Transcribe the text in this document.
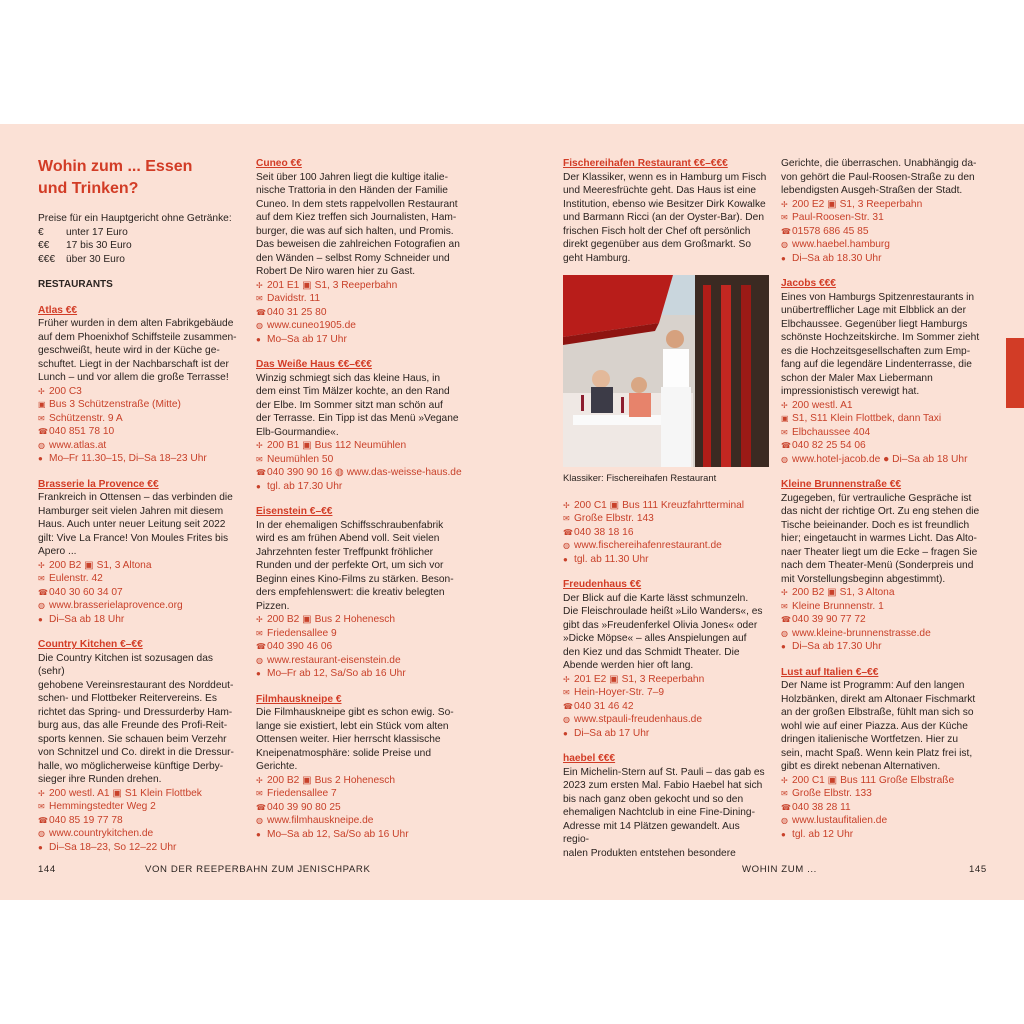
Wohin zum ... Essen und Trinken?

Preise für ein Hauptgericht ohne Getränke:

€	unter 17 Euro
€€	17 bis 30 Euro
€€€	über 30 Euro
RESTAURANTS

Atlas €€

Früher wurden in dem alten Fabrikgebäude
auf dem Phoenixhof Schiffsteile zusammen-
geschweißt, heute wird in der Küche ge-
schuftet. Liegt in der Nachbarschaft ist der
Lunch – und vor allem die große Terrasse!
✢ 200 C3
▣ Bus 3 Schützenstraße (Mitte)
✉ Schützenstr. 9 A
☎040 851 78 10
◍ www.atlas.at
● Mo–Fr 11.30–15, Di–Sa 18–23 Uhr

Brasserie la Provence €€

Frankreich in Ottensen – das verbinden die
Hamburger seit vielen Jahren mit diesem
Haus. Auch unter neuer Leitung seit 2022
gilt: Vive La France! Von Moules Frites bis
Apero ...
✢ 200 B2 ▣ S1, 3 Altona
✉ Eulenstr. 42
☎040 30 60 34 07
◍ www.brasserielaprovence.org
● Di–Sa ab 18 Uhr

Country Kitchen €–€€

Die Country Kitchen ist sozusagen das (sehr)
gehobene Vereinsrestaurant des Norddeut-
schen- und Flottbeker Reitervereins. Es
richtet das Spring- und Dressurderby Ham-
burg aus, das alle Freunde des Profi-Reit-
sports kennen. Sie schauen beim Verzehr
von Schnitzel und Co. direkt in die Dressur-
halle, wo möglicherweise künftige Derby-
sieger ihre Runden drehen.
✢ 200 westl. A1 ▣ S1 Klein Flottbek
✉ Hemmingstedter Weg 2
☎040 85 19 77 78
◍ www.countrykitchen.de
● Di–Sa 18–23, So 12–22 Uhr

Cuneo €€

Seit über 100 Jahren liegt die kultige italie-
nische Trattoria in den Händen der Familie
Cuneo. In dem stets rappelvollen Restaurant
auf dem Kiez treffen sich Journalisten, Ham-
burger, die was auf sich halten, und Promis.
Das beweisen die zahlreichen Fotografien an
den Wänden – selbst Romy Schneider und
Robert De Niro waren hier zu Gast.
✢ 201 E1 ▣ S1, 3 Reeperbahn
✉ Davidstr. 11
☎040 31 25 80
◍ www.cuneo1905.de
● Mo–Sa ab 17 Uhr

Das Weiße Haus €€–€€€

Winzig schmiegt sich das kleine Haus, in
dem einst Tim Mälzer kochte, an den Rand
der Elbe. Im Sommer sitzt man schön auf
der Terrasse. Ein Tipp ist das Menü »Vegane
Elb-Gourmandie«.
✢ 200 B1 ▣ Bus 112 Neumühlen
✉ Neumühlen 50
☎040 390 90 16 ◍ www.das-weisse-haus.de
● tgl. ab 17.30 Uhr

Eisenstein €–€€

In der ehemaligen Schiffsschraubenfabrik
wird es am frühen Abend voll. Seit vielen
Jahrzehnten fester Treffpunkt fröhlicher
Runden und der perfekte Ort, um sich vor
Beginn eines Kino-Films zu stärken. Beson-
ders empfehlenswert: die kreativ belegten
Pizzen.
✢ 200 B2 ▣ Bus 2 Hohenesch
✉ Friedensallee 9
☎040 390 46 06
◍ www.restaurant-eisenstein.de
● Mo–Fr ab 12, Sa/So ab 16 Uhr

Filmhauskneipe €

Die Filmhauskneipe gibt es schon ewig. So-
lange sie existiert, lebt ein Stück vom alten
Ottensen weiter. Hier herrscht klassische
Kneipenatmosphäre: solide Preise und
Gerichte.
✢ 200 B2 ▣ Bus 2 Hohenesch
✉ Friedensallee 7
☎040 39 90 80 25
◍ www.filmhauskneipe.de
● Mo–Sa ab 12, Sa/So ab 16 Uhr

Fischereihafen Restaurant €€–€€€

Der Klassiker, wenn es in Hamburg um Fisch
und Meeresfrüchte geht. Das Haus ist eine
Institution, ebenso wie Besitzer Dirk Kowalke
und Barmann Ricci (an der Oyster-Bar). Den
frischen Fisch holt der Chef oft persönlich
direkt gegenüber aus dem Großmarkt. So
geht Hamburg.

Klassiker: Fischereihafen Restaurant

✢ 200 C1 ▣ Bus 111 Kreuzfahrtterminal
✉ Große Elbstr. 143
☎040 38 18 16
◍ www.fischereihafenrestaurant.de
● tgl. ab 11.30 Uhr

Freudenhaus €€

Der Blick auf die Karte lässt schmunzeln.
Die Fleischroulade heißt »Lilo Wanders«, es
gibt das »Freudenferkel Olivia Jones« oder
»Dicke Möpse« – alles Anspielungen auf
den Kiez und das Schmidt Theater. Die
Abende werden hier oft lang.
✢ 201 E2 ▣ S1, 3 Reeperbahn
✉ Hein-Hoyer-Str. 7–9
☎040 31 46 42
◍ www.stpauli-freudenhaus.de
● Di–Sa ab 17 Uhr

haebel €€€

Ein Michelin-Stern auf St. Pauli – das gab es
2023 zum ersten Mal. Fabio Haebel hat sich
bis nach ganz oben gekocht und so den
ehemaligen Nachtclub in eine Fine-Dining-
Adresse mit 14 Plätzen gewandelt. Aus regio-
nalen Produkten entstehen besondere
Gerichte, die überraschen. Unabhängig da-
von gehört die Paul-Roosen-Straße zu den
lebendigsten Ausgeh-Straßen der Stadt.
✢ 200 E2 ▣ S1, 3 Reeperbahn
✉ Paul-Roosen-Str. 31
☎01578 686 45 85
◍ www.haebel.hamburg
● Di–Sa ab 18.30 Uhr

Jacobs €€€

Eines von Hamburgs Spitzenrestaurants in
unübertrefflicher Lage mit Elbblick an der
Elbchaussee. Gegenüber liegt Hamburgs
schönste Hochzeitskirche. Im Sommer zieht
es die Hochzeitsgesellschaften zum Emp-
fang auf die legendäre Lindenterrasse, die
schon der Maler Max Liebermann
impressionistisch verewigt hat.
✢ 200 westl. A1
▣ S1, S11 Klein Flottbek, dann Taxi
✉ Elbchaussee 404
☎040 82 25 54 06
◍ www.hotel-jacob.de ● Di–Sa ab 18 Uhr

Kleine Brunnenstraße €€

Zugegeben, für vertrauliche Gespräche ist
das nicht der richtige Ort. Zu eng stehen die
Tische beieinander. Doch es ist freundlich
hier; eingetaucht in warmes Licht. Das Alto-
naer Theater liegt um die Ecke – fragen Sie
nach dem Theater-Menü (Sonderpreis und
mit Vorstellungsbeginn abgestimmt).
✢ 200 B2 ▣ S1, 3 Altona
✉ Kleine Brunnenstr. 1
☎040 39 90 77 72
◍ www.kleine-brunnenstrasse.de
● Di–Sa ab 17.30 Uhr

Lust auf Italien €–€€

Der Name ist Programm: Auf den langen
Holzbänken, direkt am Altonaer Fischmarkt
an der großen Elbstraße, fühlt man sich so
wohl wie auf einer Piazza. Aus der Küche
dringen italienische Wortfetzen. Hier zu
sein, macht Spaß. Wenn kein Platz frei ist,
gibt es direkt nebenan Alternativen.
✢ 200 C1 ▣ Bus 111 Große Elbstraße
✉ Große Elbstr. 133
☎040 38 28 11
◍ www.lustaufitalien.de
● tgl. ab 12 Uhr
144	VON DER REEPERBAHN ZUM JENISCHPARK	WOHIN ZUM ...	145
